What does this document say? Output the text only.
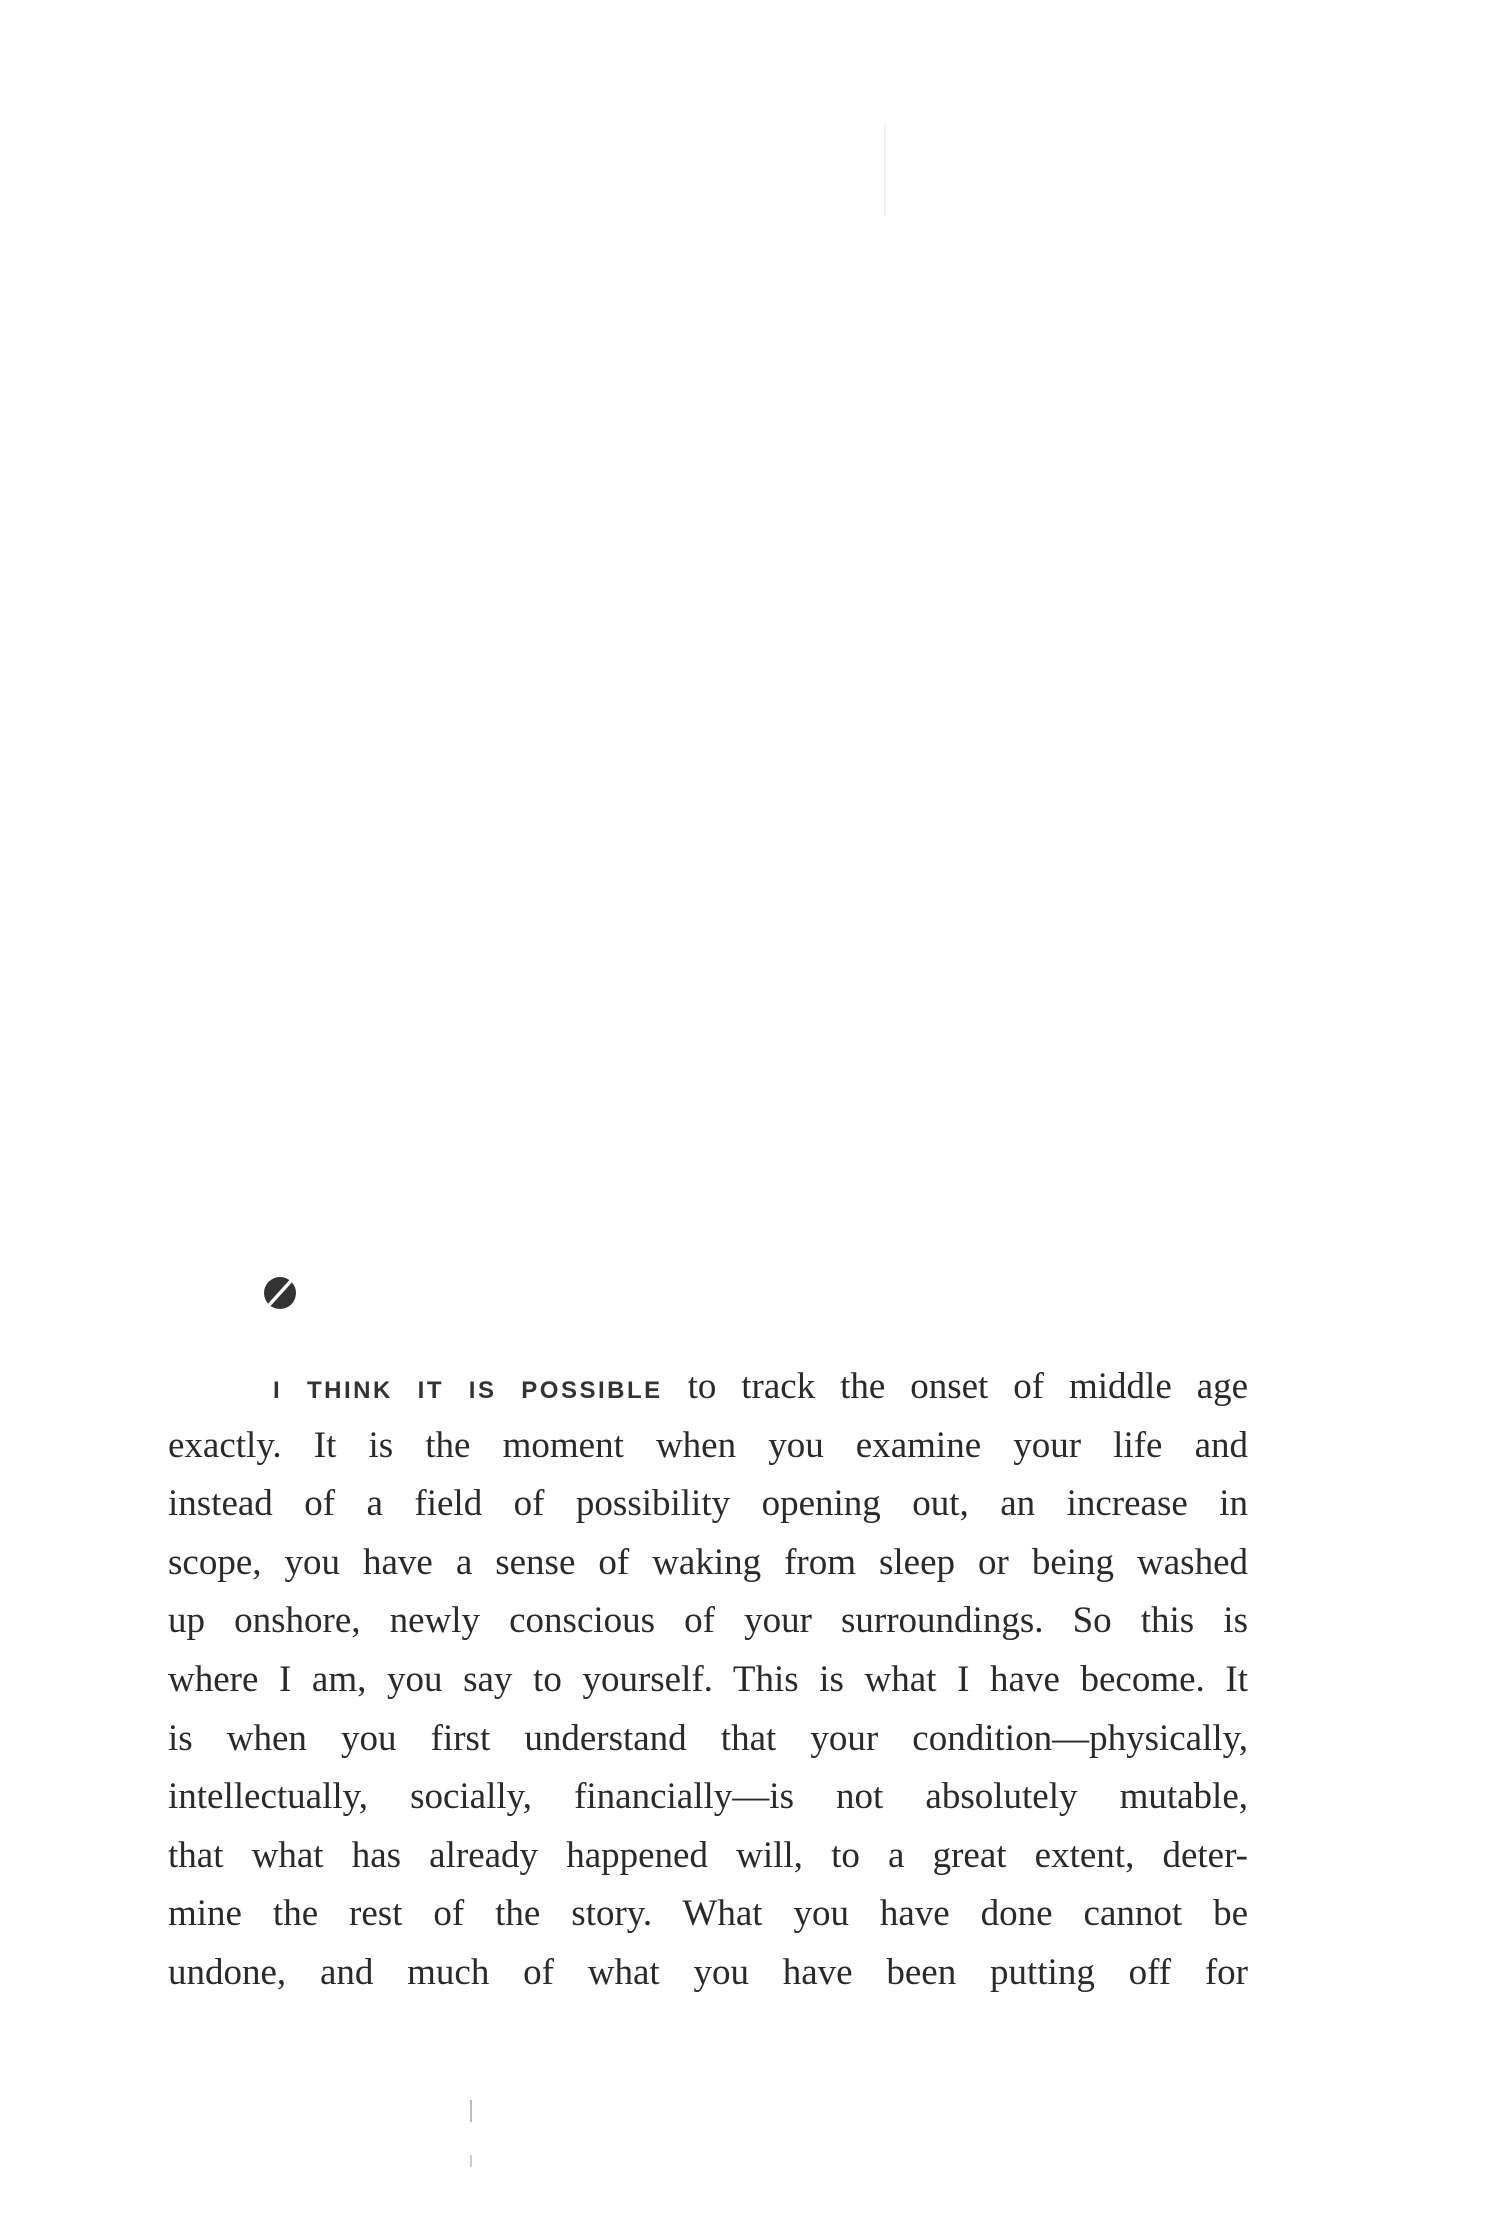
I THINK IT IS POSSIBLE to track the onset of middle age
exactly. It is the moment when you examine your life and
instead of a field of possibility opening out, an increase in
scope, you have a sense of waking from sleep or being washed
up onshore, newly conscious of your surroundings. So this is
where I am, you say to yourself. This is what I have become. It
is when you first understand that your condition—physically,
intellectually, socially, financially—is not absolutely mutable,
that what has already happened will, to a great extent, deter-
mine the rest of the story. What you have done cannot be
undone, and much of what you have been putting off for
